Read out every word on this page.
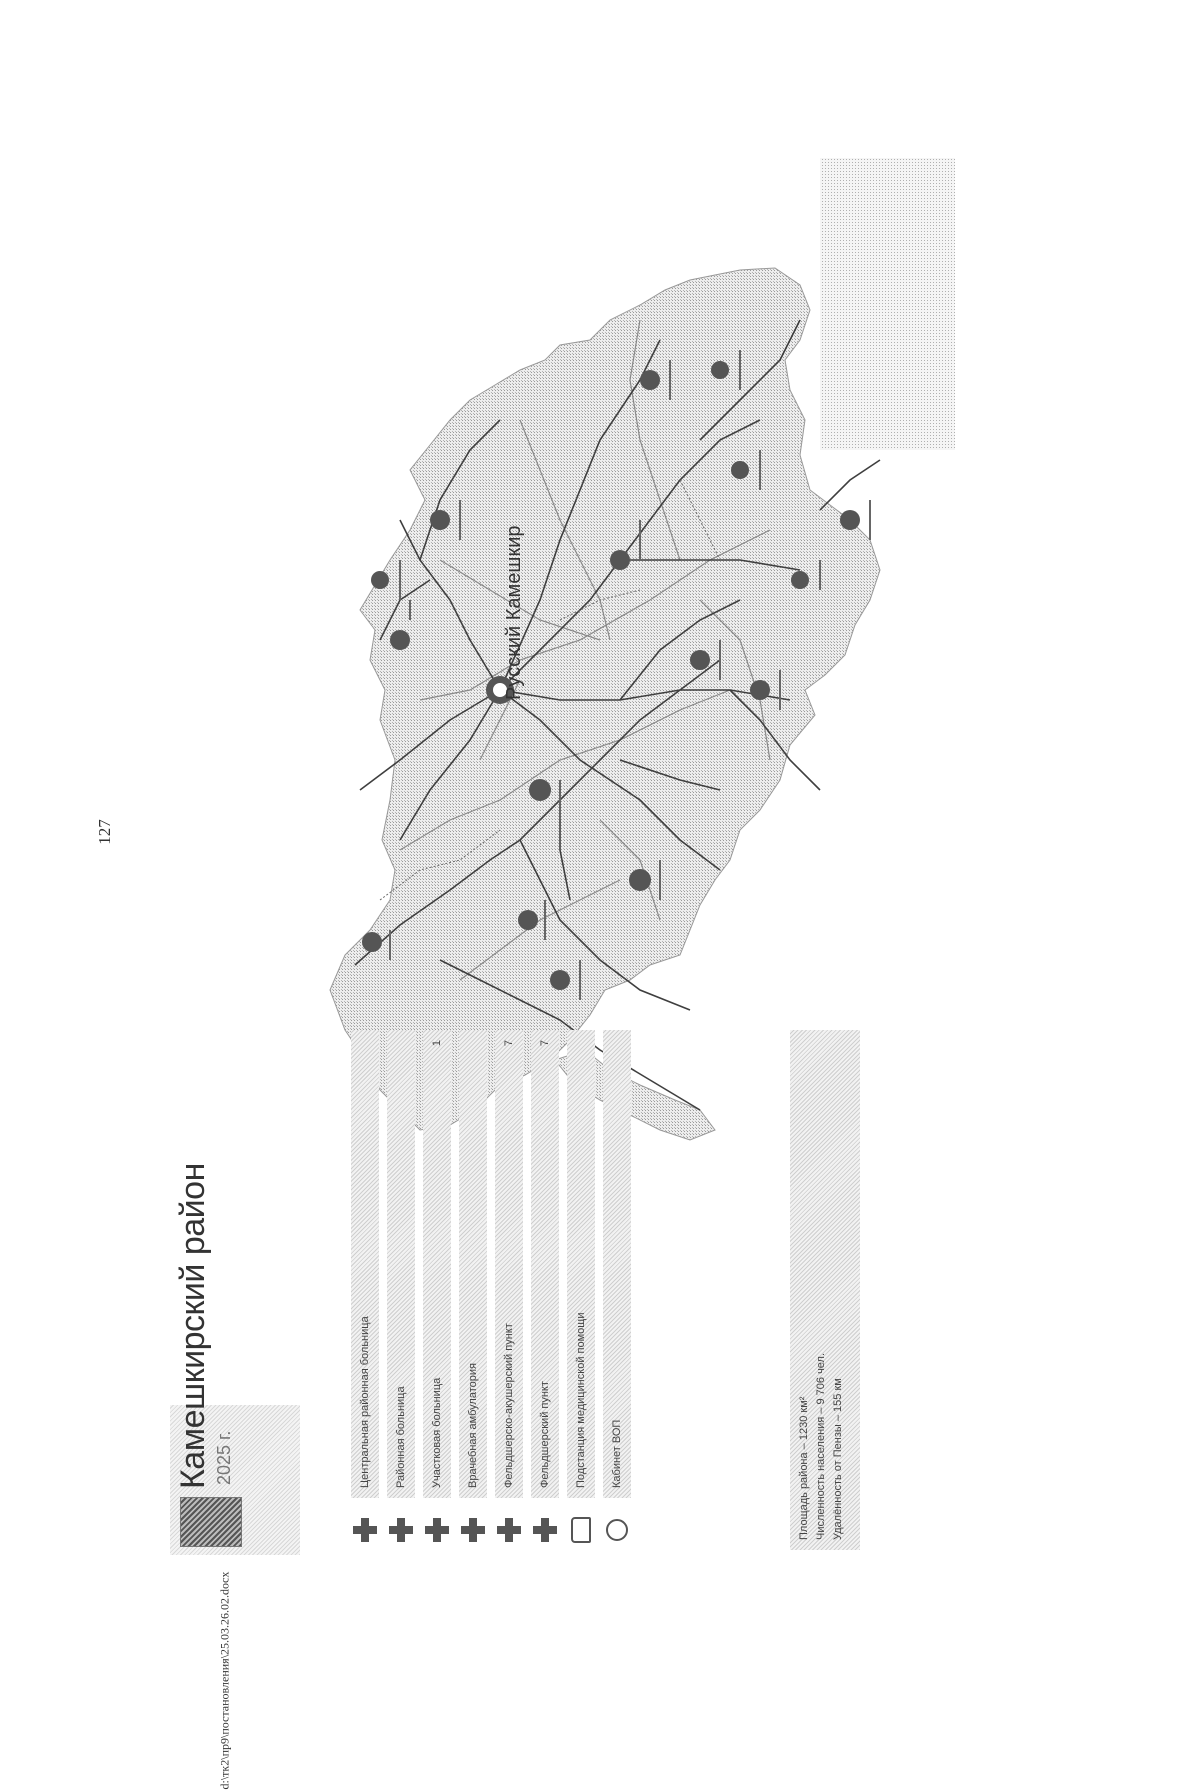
127
d:\тк2\пр9\постановления\25.03.26.02.docx
Русский Камешкир
Камешкирский район 2025 г.	Центральная районная больница Районная больница Участковая больница
1
Врачебная амбулатория Фельдшерско-акушерский пункт
7
Фельдшерский пункт
7
Подстанция медицинской помощи Кабинет ВОП	Площадь района – 1230 км² Численность населения – 9 706 чел. Удалённость от Пензы – 155 км
